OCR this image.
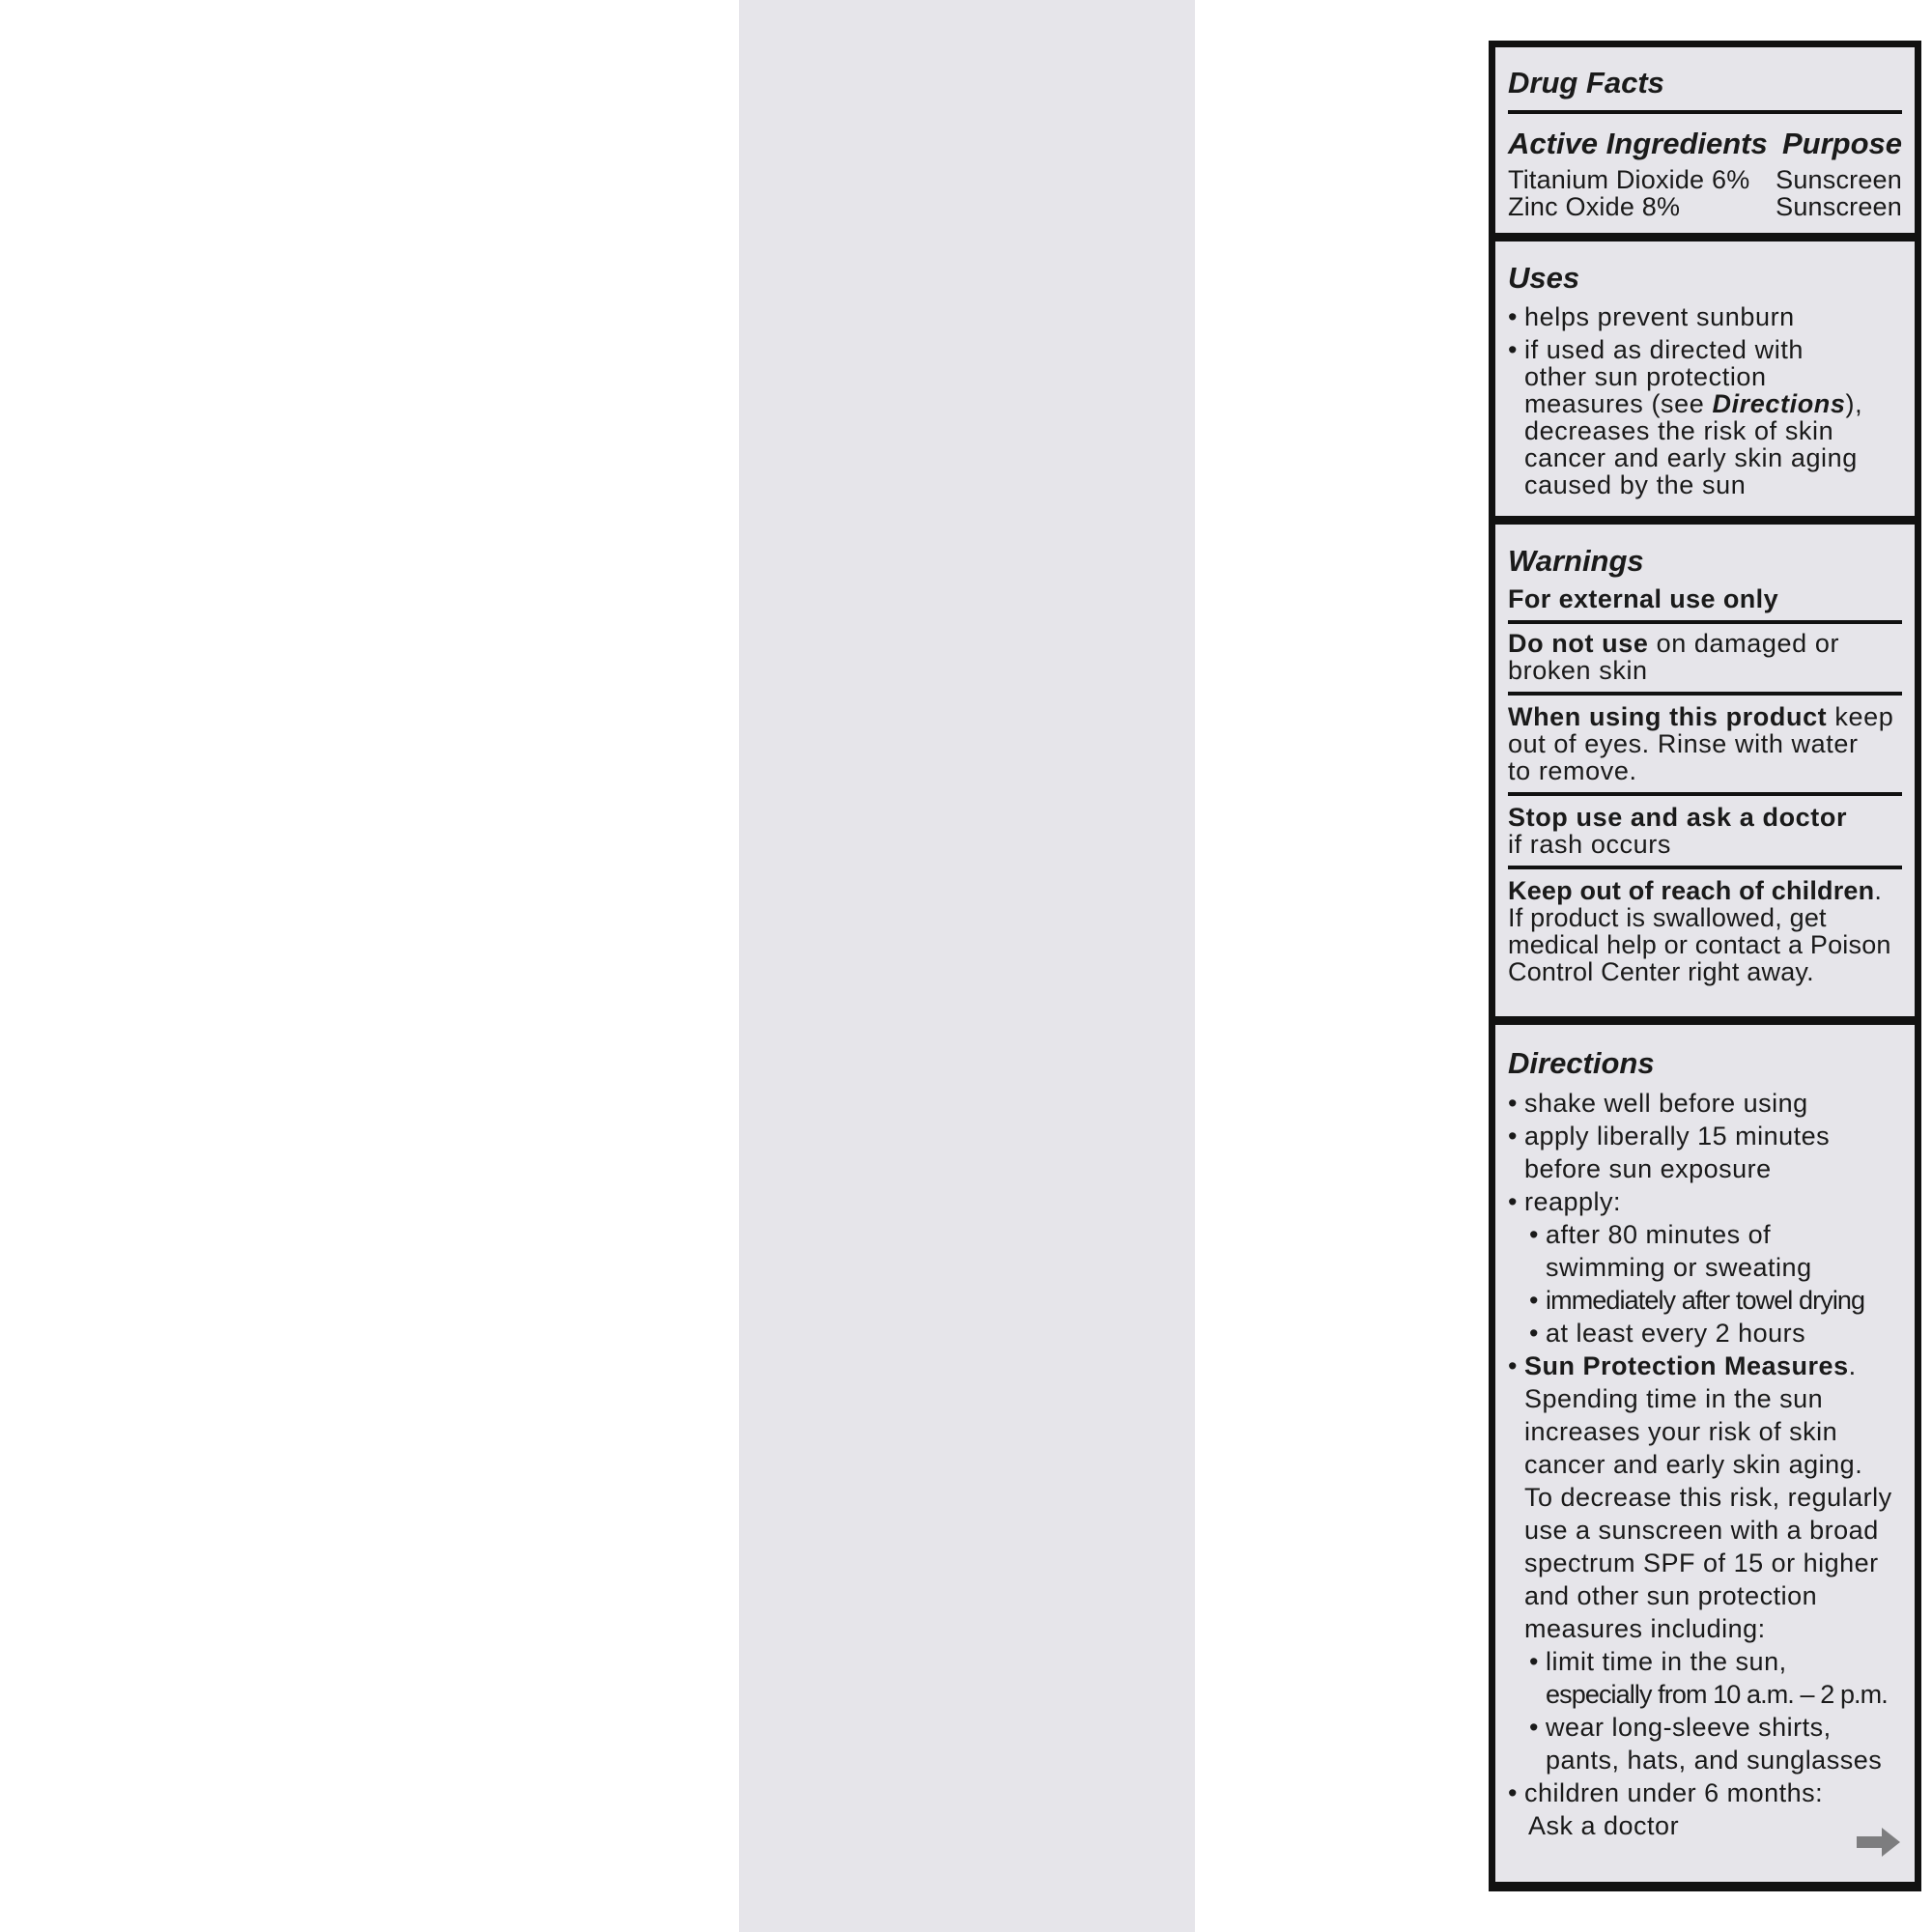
Drug Facts
Active Ingredients Purpose
Titanium Dioxide 6% Sunscreen
Zinc Oxide 8%	Sunscreen
Uses
• helps prevent sunburn
• if used as directed with
other sun protection
measures (see Directions),
decreases the risk of skin
cancer and early skin aging
caused by the sun
Warnings
For external use only
Do not use on damaged or
broken skin
When using this product keep
out of eyes. Rinse with water
to remove.
Stop use and ask a doctor
if rash occurs
Keep out of reach of children.
If product is swallowed, get
medical help or contact a Poison
Control Center right away.
Directions
• shake well before using
• apply liberally 15 minutes
before sun exposure
• reapply:
• after 80 minutes of
swimming or sweating
• immediately after towel drying
• at least every 2 hours
• Sun Protection Measures.
Spending time in the sun
increases your risk of skin
cancer and early skin aging.
To decrease this risk, regularly
use a sunscreen with a broad
spectrum SPF of 15 or higher
and other sun protection
measures including:
• limit time in the sun,
especially from 10 a.m. – 2 p.m.
• wear long-sleeve shirts,
pants, hats, and sunglasses
• children under 6 months:
Ask a doctor
